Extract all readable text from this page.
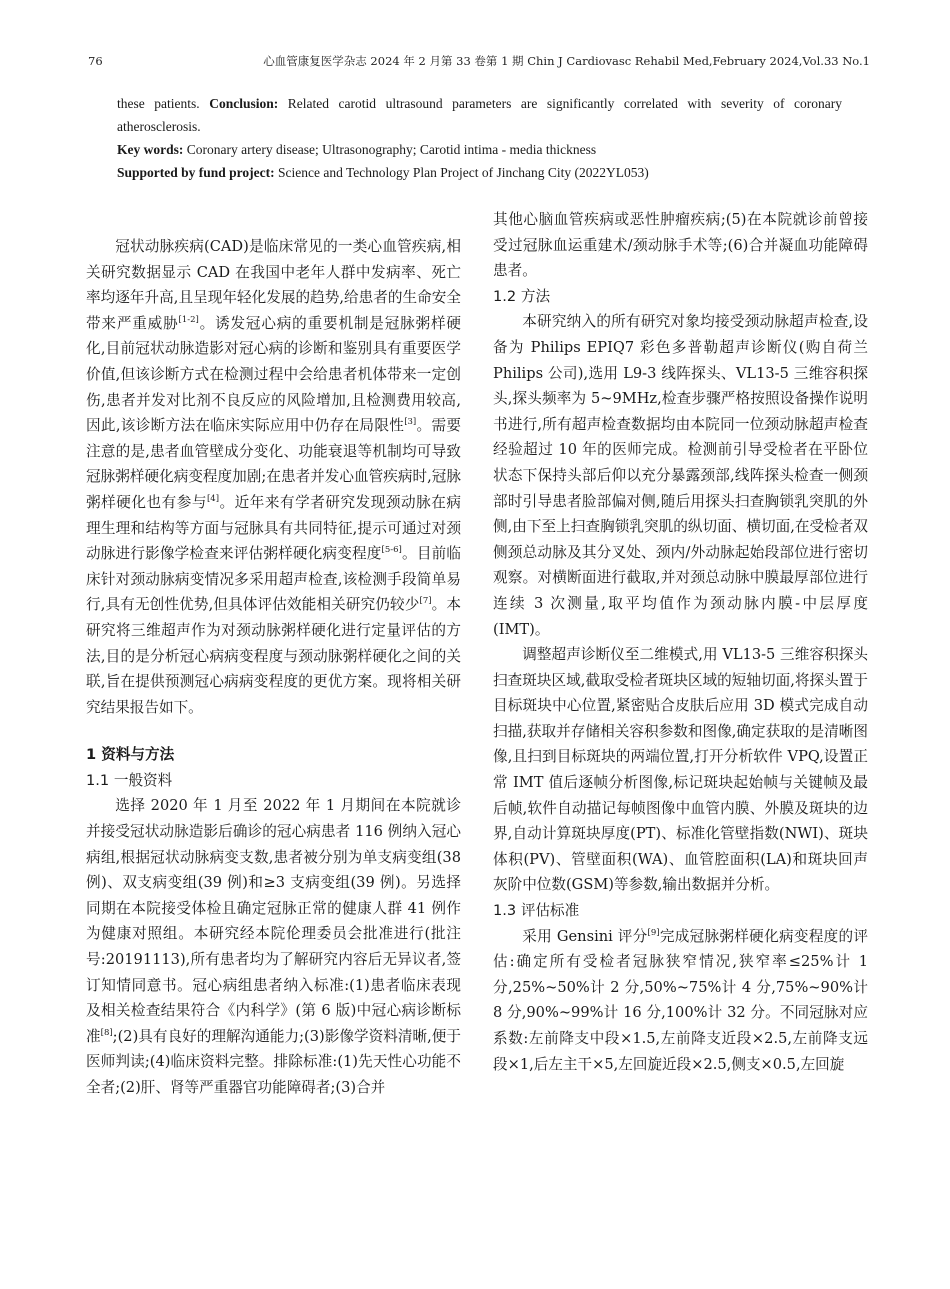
76	心血管康复医学杂志 2024 年 2 月第 33 卷第 1 期 Chin J Cardiovasc Rehabil Med,February 2024,Vol.33 No.1

these patients. Conclusion: Related carotid ultrasound parameters are significantly correlated with severity of coronary atherosclerosis.

Key words: Coronary artery disease; Ultrasonography; Carotid intima - media thickness

Supported by fund project: Science and Technology Plan Project of Jinchang City (2022YL053)

冠状动脉疾病(CAD)是临床常见的一类心血管疾病,相关研究数据显示 CAD 在我国中老年人群中发病率、死亡率均逐年升高,且呈现年轻化发展的趋势,给患者的生命安全带来严重威胁[1-2]。诱发冠心病的重要机制是冠脉粥样硬化,目前冠状动脉造影对冠心病的诊断和鉴别具有重要医学价值,但该诊断方式在检测过程中会给患者机体带来一定创伤,患者并发对比剂不良反应的风险增加,且检测费用较高,因此,该诊断方法在临床实际应用中仍存在局限性[3]。需要注意的是,患者血管壁成分变化、功能衰退等机制均可导致冠脉粥样硬化病变程度加剧;在患者并发心血管疾病时,冠脉粥样硬化也有参与[4]。近年来有学者研究发现颈动脉在病理生理和结构等方面与冠脉具有共同特征,提示可通过对颈动脉进行影像学检查来评估粥样硬化病变程度[5-6]。目前临床针对颈动脉病变情况多采用超声检查,该检测手段简单易行,具有无创性优势,但具体评估效能相关研究仍较少[7]。本研究将三维超声作为对颈动脉粥样硬化进行定量评估的方法,目的是分析冠心病病变程度与颈动脉粥样硬化之间的关联,旨在提供预测冠心病病变程度的更优方案。现将相关研究结果报告如下。

1 资料与方法
1.1 一般资料

选择 2020 年 1 月至 2022 年 1 月期间在本院就诊并接受冠状动脉造影后确诊的冠心病患者 116 例纳入冠心病组,根据冠状动脉病变支数,患者被分别为单支病变组(38 例)、双支病变组(39 例)和≥3 支病变组(39 例)。另选择同期在本院接受体检且确定冠脉正常的健康人群 41 例作为健康对照组。本研究经本院伦理委员会批准进行(批注号:20191113),所有患者均为了解研究内容后无异议者,签订知情同意书。冠心病组患者纳入标准:(1)患者临床表现及相关检查结果符合《内科学》(第 6 版)中冠心病诊断标准[8];(2)具有良好的理解沟通能力;(3)影像学资料清晰,便于医师判读;(4)临床资料完整。排除标准:(1)先天性心功能不全者;(2)肝、肾等严重器官功能障碍者;(3)合并

其他心脑血管疾病或恶性肿瘤疾病;(5)在本院就诊前曾接受过冠脉血运重建术/颈动脉手术等;(6)合并凝血功能障碍患者。

1.2 方法

本研究纳入的所有研究对象均接受颈动脉超声检查,设备为 Philips EPIQ7 彩色多普勒超声诊断仪(购自荷兰 Philips 公司),选用 L9-3 线阵探头、VL13-5 三维容积探头,探头频率为 5~9MHz,检查步骤严格按照设备操作说明书进行,所有超声检查数据均由本院同一位颈动脉超声检查经验超过 10 年的医师完成。检测前引导受检者在平卧位状态下保持头部后仰以充分暴露颈部,线阵探头检查一侧颈部时引导患者脸部偏对侧,随后用探头扫查胸锁乳突肌的外侧,由下至上扫查胸锁乳突肌的纵切面、横切面,在受检者双侧颈总动脉及其分叉处、颈内/外动脉起始段部位进行密切观察。对横断面进行截取,并对颈总动脉中膜最厚部位进行连续 3 次测量,取平均值作为颈动脉内膜-中层厚度(IMT)。

调整超声诊断仪至二维模式,用 VL13-5 三维容积探头扫查斑块区域,截取受检者斑块区域的短轴切面,将探头置于目标斑块中心位置,紧密贴合皮肤后应用 3D 模式完成自动扫描,获取并存储相关容积参数和图像,确定获取的是清晰图像,且扫到目标斑块的两端位置,打开分析软件 VPQ,设置正常 IMT 值后逐帧分析图像,标记斑块起始帧与关键帧及最后帧,软件自动描记每帧图像中血管内膜、外膜及斑块的边界,自动计算斑块厚度(PT)、标准化管壁指数(NWI)、斑块体积(PV)、管壁面积(WA)、血管腔面积(LA)和斑块回声灰阶中位数(GSM)等参数,输出数据并分析。

1.3 评估标准

采用 Gensini 评分[9]完成冠脉粥样硬化病变程度的评估:确定所有受检者冠脉狭窄情况,狭窄率≤25%计 1 分,25%~50%计 2 分,50%~75%计 4 分,75%~90%计 8 分,90%~99%计 16 分,100%计 32 分。不同冠脉对应系数:左前降支中段×1.5,左前降支近段×2.5,左前降支远段×1,后左主干×5,左回旋近段×2.5,侧支×0.5,左回旋
